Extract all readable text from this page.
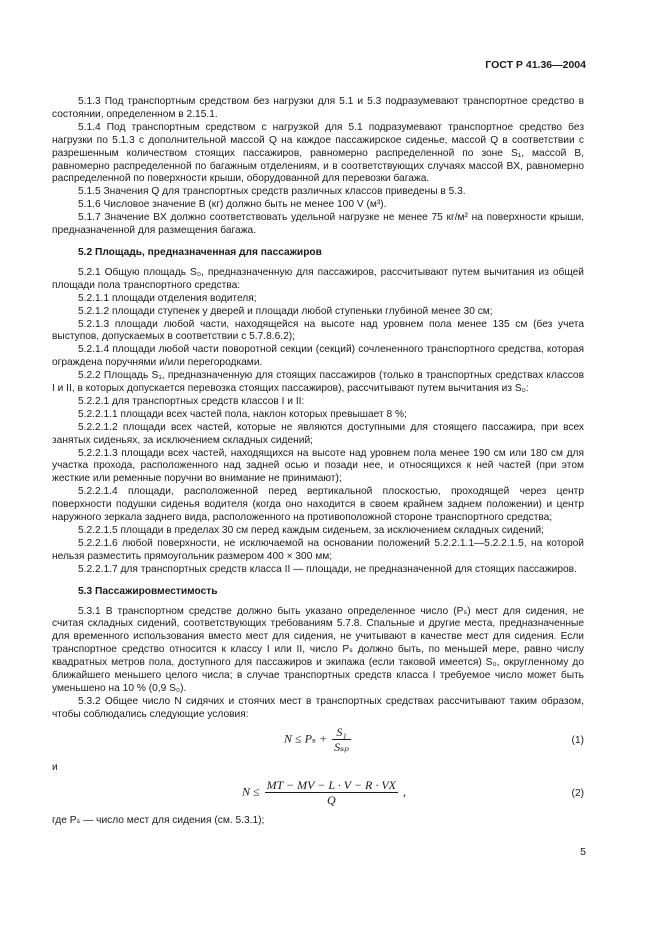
ГОСТ Р 41.36—2004

5.1.3 Под транспортным средством без нагрузки для 5.1 и 5.3 подразумевают транспортное средство в состоянии, определенном в 2.15.1.

5.1.4 Под транспортным средством с нагрузкой для 5.1 подразумевают транспортное средство без нагрузки по 5.1.3 с дополнительной массой Q на каждое пассажирское сиденье, массой Q в соответствии с разрешенным количеством стоящих пассажиров, равномерно распределенной по зоне S₁, массой B, равномерно распределенной по багажным отделениям, и в соответствующих случаях массой BX, равномерно распределенной по поверхности крыши, оборудованной для перевозки багажа.

5.1.5 Значения Q для транспортных средств различных классов приведены в 5.3.

5.1.6 Числовое значение B (кг) должно быть не менее 100 V (м³).

5.1.7 Значение BX должно соответствовать удельной нагрузке не менее 75 кг/м² на поверхности крыши, предназначенной для размещения багажа.

5.2 Площадь, предназначенная для пассажиров

5.2.1 Общую площадь S₀, предназначенную для пассажиров, рассчитывают путем вычитания из общей площади пола транспортного средства:

5.2.1.1 площади отделения водителя;

5.2.1.2 площади ступенек у дверей и площади любой ступеньки глубиной менее 30 см;

5.2.1.3 площади любой части, находящейся на высоте над уровнем пола менее 135 см (без учета выступов, допускаемых в соответствии с 5.7.8.6.2);

5.2.1.4 площади любой части поворотной секции (секций) сочлененного транспортного средства, которая ограждена поручнями и/или перегородками.

5.2.2 Площадь S₁, предназначенную для стоящих пассажиров (только в транспортных средствах классов I и II, в которых допускается перевозка стоящих пассажиров), рассчитывают путем вычитания из S₀:

5.2.2.1 для транспортных средств классов I и II:

5.2.2.1.1 площади всех частей пола, наклон которых превышает 8 %;

5.2.2.1.2 площади всех частей, которые не являются доступными для стоящего пассажира, при всех занятых сиденьях, за исключением складных сидений;

5.2.2.1.3 площади всех частей, находящихся на высоте над уровнем пола менее 190 см или 180 см для участка прохода, расположенного над задней осью и позади нее, и относящихся к ней частей (при этом жесткие или ременные поручни во внимание не принимают);

5.2.2.1.4 площади, расположенной перед вертикальной плоскостью, проходящей через центр поверхности подушки сиденья водителя (когда оно находится в своем крайнем заднем положении) и центр наружного зеркала заднего вида, расположенного на противоположной стороне транспортного средства;

5.2.2.1.5 площади в пределах 30 см перед каждым сиденьем, за исключением складных сидений;

5.2.2.1.6 любой поверхности, не исключаемой на основании положений 5.2.2.1.1—5.2.2.1.5, на которой нельзя разместить прямоугольник размером 400 × 300 мм;

5.2.2.1.7 для транспортных средств класса II — площади, не предназначенной для стоящих пассажиров.

5.3 Пассажировместимость

5.3.1 В транспортном средстве должно быть указано определенное число (Pₛ) мест для сидения, не считая складных сидений, соответствующих требованиям 5.7.8. Спальные и другие места, предназначенные для временного использования вместо мест для сидения, не учитывают в качестве мест для сидения. Если транспортное средство относится к классу I или II, число Pₛ должно быть, по меньшей мере, равно числу квадратных метров пола, доступного для пассажиров и экипажа (если таковой имеется) S₀, округленному до ближайшего меньшего целого числа; в случае транспортных средств класса I требуемое число может быть уменьшено на 10 % (0,9 S₀).

5.3.2 Общее число N сидячих и стоячих мест в транспортных средствах рассчитывают таким образом, чтобы соблюдались следующие условия:

$N \le P_s + \frac{\text{S₁}}{\text{Sₛₚ}}$	(1)

и

$N \le \frac{MT - MV - L \cdot V - R \cdot VX}{Q}$ ,	(2)

где Pₛ — число мест для сидения (см. 5.3.1);

5
